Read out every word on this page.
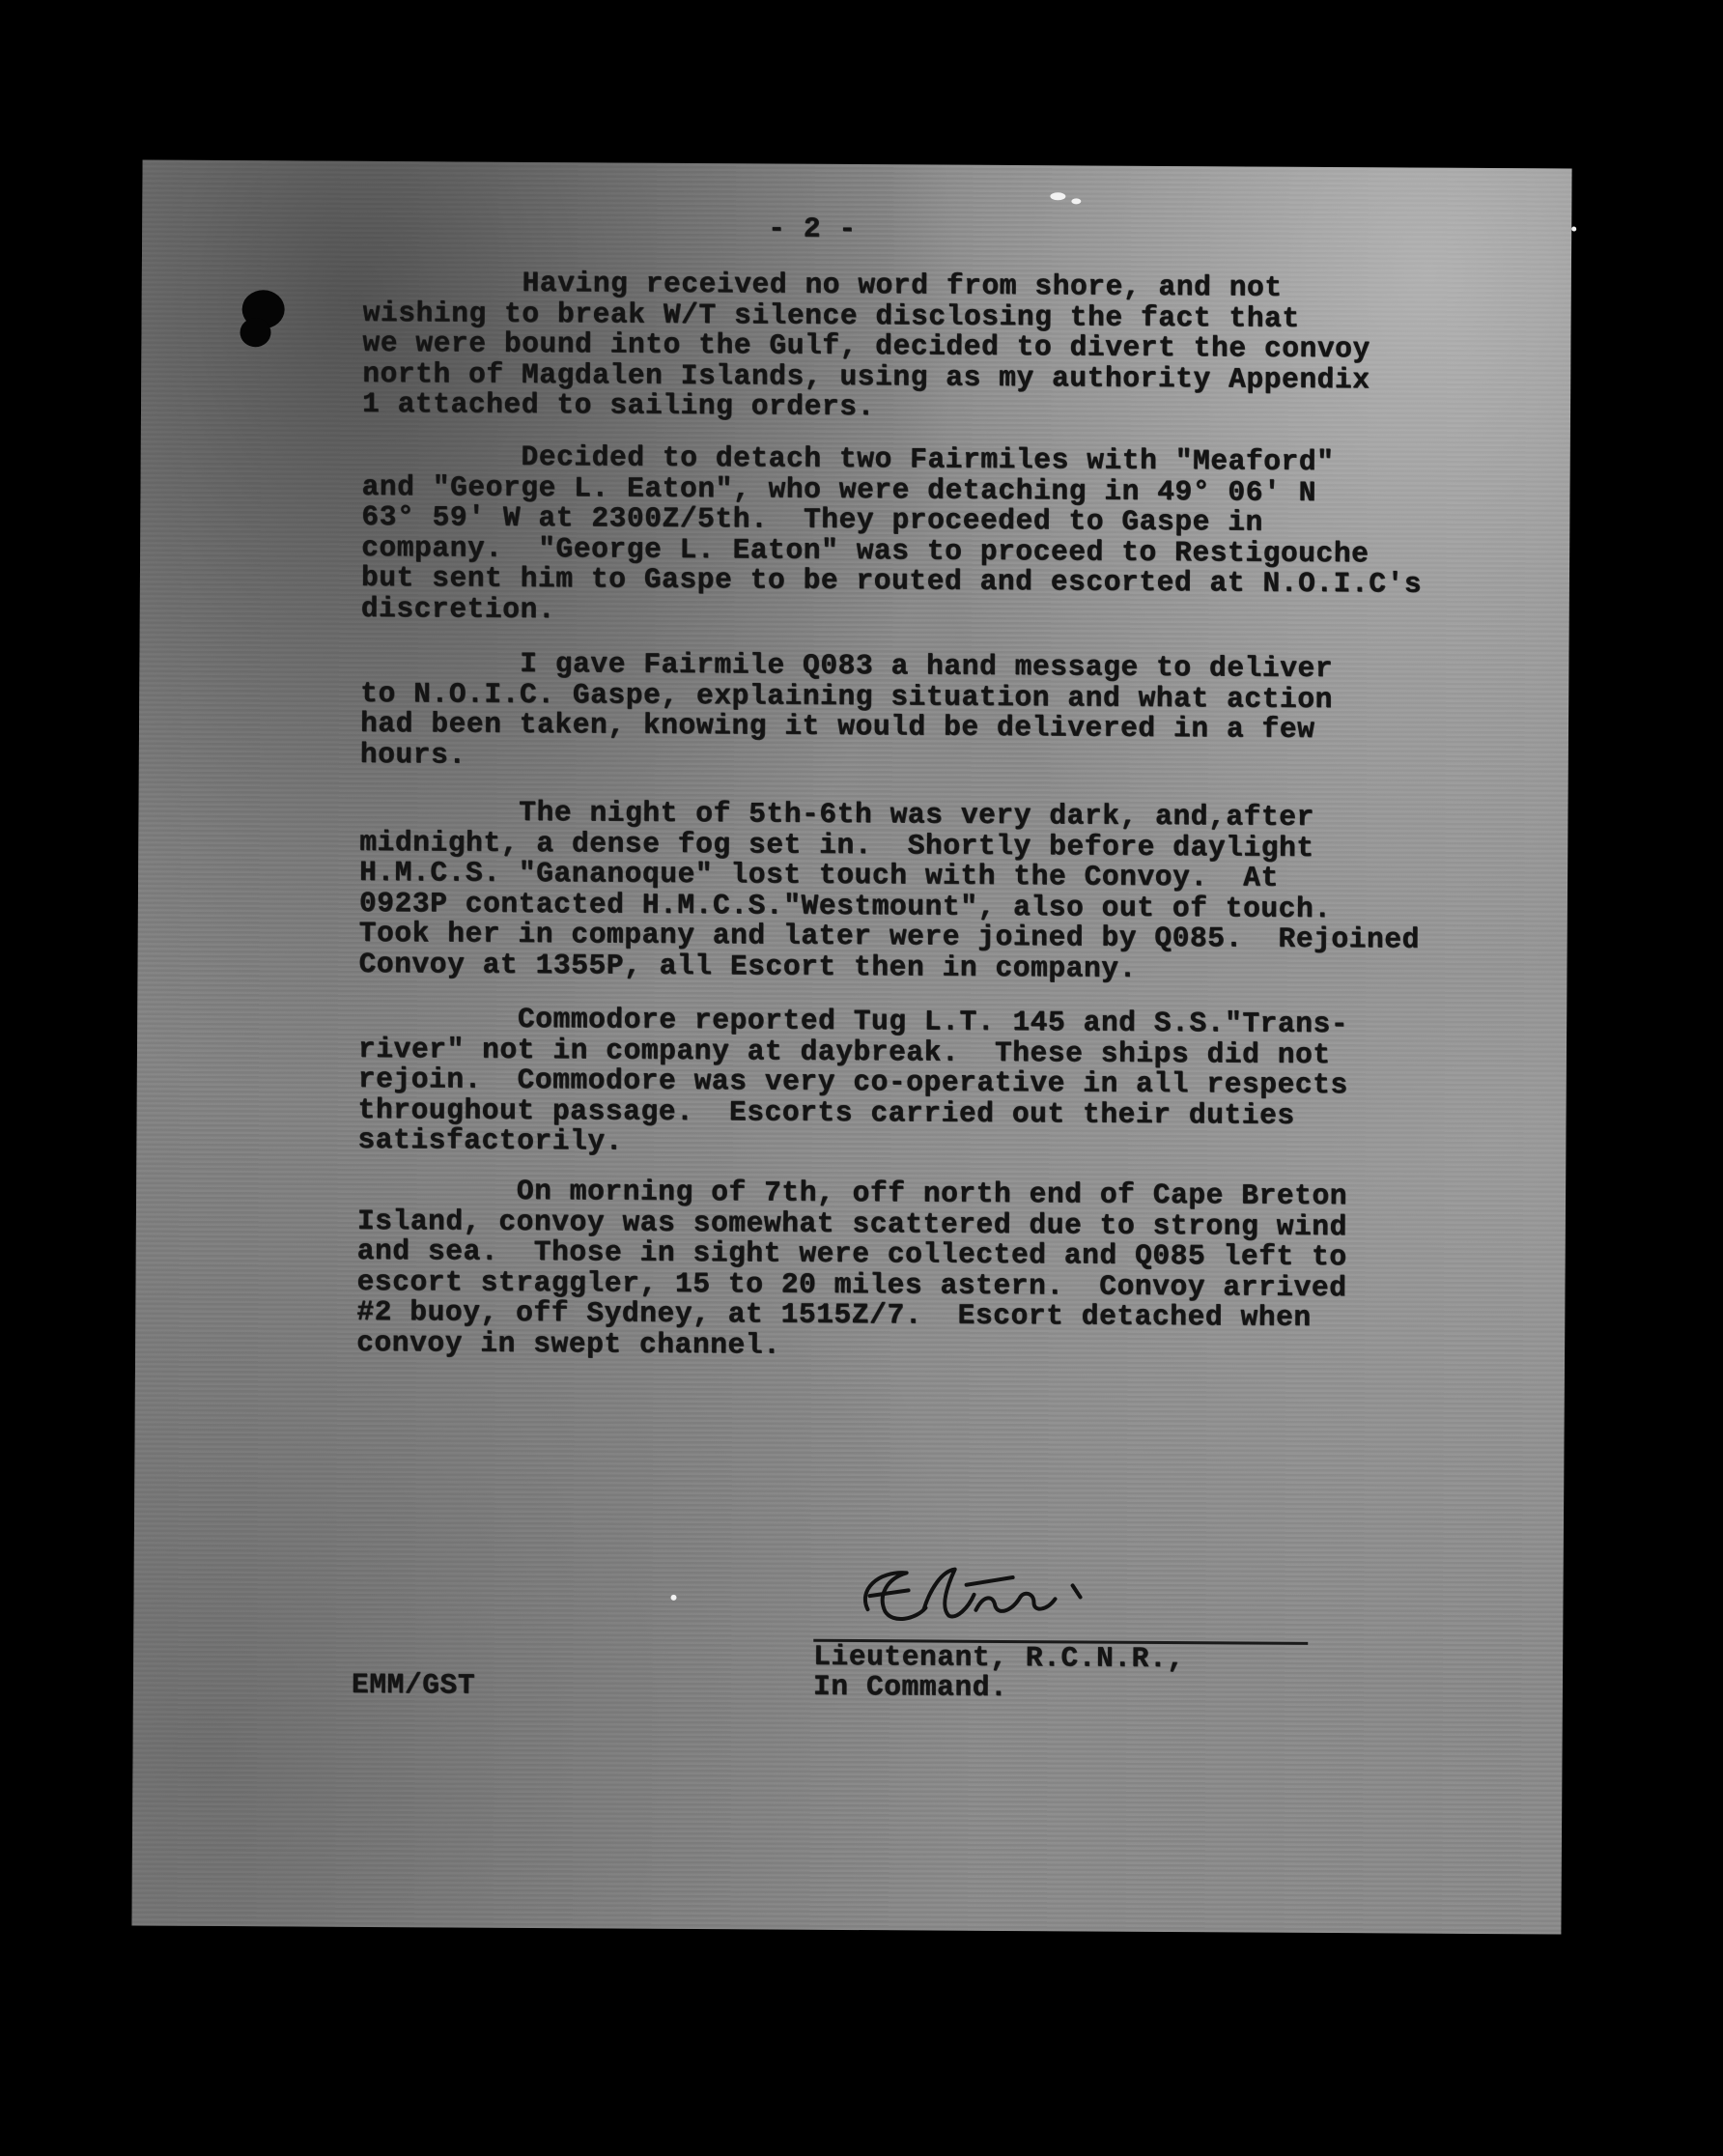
- 2 -

Having received no word from shore, and not
wishing to break W/T silence disclosing the fact that
we were bound into the Gulf, decided to divert the convoy
north of Magdalen Islands, using as my authority Appendix
1 attached to sailing orders.

Decided to detach two Fairmiles with "Meaford"
and "George L. Eaton", who were detaching in 49° 06' N
63° 59' W at 2300Z/5th.  They proceeded to Gaspe in
company.  "George L. Eaton" was to proceed to Restigouche
but sent him to Gaspe to be routed and escorted at N.O.I.C's
discretion.

I gave Fairmile Q083 a hand message to deliver
to N.O.I.C. Gaspe, explaining situation and what action
had been taken, knowing it would be delivered in a few
hours.

The night of 5th-6th was very dark, and,after
midnight, a dense fog set in.  Shortly before daylight
H.M.C.S. "Gananoque" lost touch with the Convoy.  At
0923P contacted H.M.C.S."Westmount", also out of touch.
Took her in company and later were joined by Q085.  Rejoined
Convoy at 1355P, all Escort then in company.

Commodore reported Tug L.T. 145 and S.S."Trans-
river" not in company at daybreak.  These ships did not
rejoin.  Commodore was very co-operative in all respects
throughout passage.  Escorts carried out their duties
satisfactorily.

On morning of 7th, off north end of Cape Breton
Island, convoy was somewhat scattered due to strong wind
and sea.  Those in sight were collected and Q085 left to
escort straggler, 15 to 20 miles astern.  Convoy arrived
#2 buoy, off Sydney, at 1515Z/7.  Escort detached when
convoy in swept channel.

Lieutenant, R.C.N.R.,
In Command.
EMM/GST
